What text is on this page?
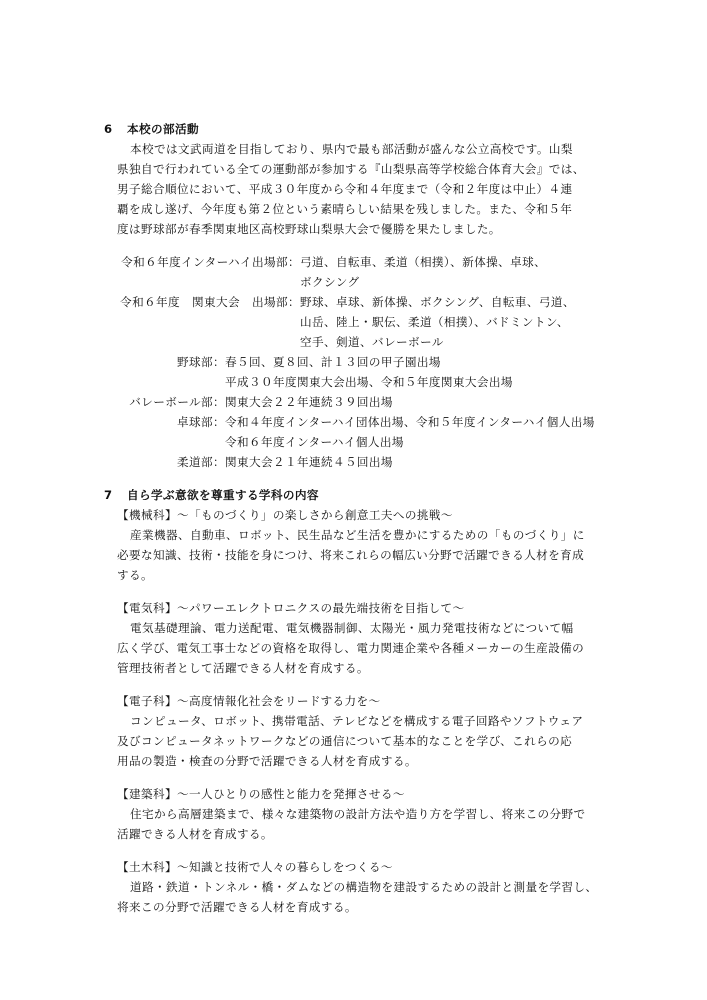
6 本校の部活動
本校では文武両道を目指しており、県内で最も部活動が盛んな公立高校です。山梨
県独自で行われている全ての運動部が参加する『山梨県高等学校総合体育大会』では、
男子総合順位において、平成３０年度から令和４年度まで（令和２年度は中止）４連
覇を成し遂げ、今年度も第２位という素晴らしい結果を残しました。また、令和５年
度は野球部が春季関東地区高校野球山梨県大会で優勝を果たしました。
令和６年度インターハイ出場部： 弓道、自転車、柔道（相撲）、新体操、卓球、
ボクシング
令和６年度　関東大会　出場部： 野球、卓球、新体操、ボクシング、自転車、弓道、
山岳、陸上・駅伝、柔道（相撲）、バドミントン、
空手、剣道、バレーボール
野球部： 春５回、夏８回、計１３回の甲子園出場
平成３０年度関東大会出場、令和５年度関東大会出場
バレーボール部： 関東大会２２年連続３９回出場
卓球部： 令和４年度インターハイ団体出場、令和５年度インターハイ個人出場
令和６年度インターハイ個人出場
柔道部： 関東大会２１年連続４５回出場
7 自ら学ぶ意欲を尊重する学科の内容
【機械科】～「ものづくり」の楽しさから創意工夫への挑戦～
産業機器、自動車、ロボット、民生品など生活を豊かにするための「ものづくり」に
必要な知識、技術・技能を身につけ、将来これらの幅広い分野で活躍できる人材を育成
する。
【電気科】～パワーエレクトロニクスの最先端技術を目指して～
電気基礎理論、電力送配電、電気機器制御、太陽光・風力発電技術などについて幅
広く学び、電気工事士などの資格を取得し、電力関連企業や各種メーカーの生産設備の
管理技術者として活躍できる人材を育成する。
【電子科】～高度情報化社会をリードする力を～
コンピュータ、ロボット、携帯電話、テレビなどを構成する電子回路やソフトウェア
及びコンピュータネットワークなどの通信について基本的なことを学び、これらの応
用品の製造・検査の分野で活躍できる人材を育成する。
【建築科】～一人ひとりの感性と能力を発揮させる～
住宅から高層建築まで、様々な建築物の設計方法や造り方を学習し、将来この分野で
活躍できる人材を育成する。
【土木科】～知識と技術で人々の暮らしをつくる～
道路・鉄道・トンネル・橋・ダムなどの構造物を建設するための設計と測量を学習し、
将来この分野で活躍できる人材を育成する。
